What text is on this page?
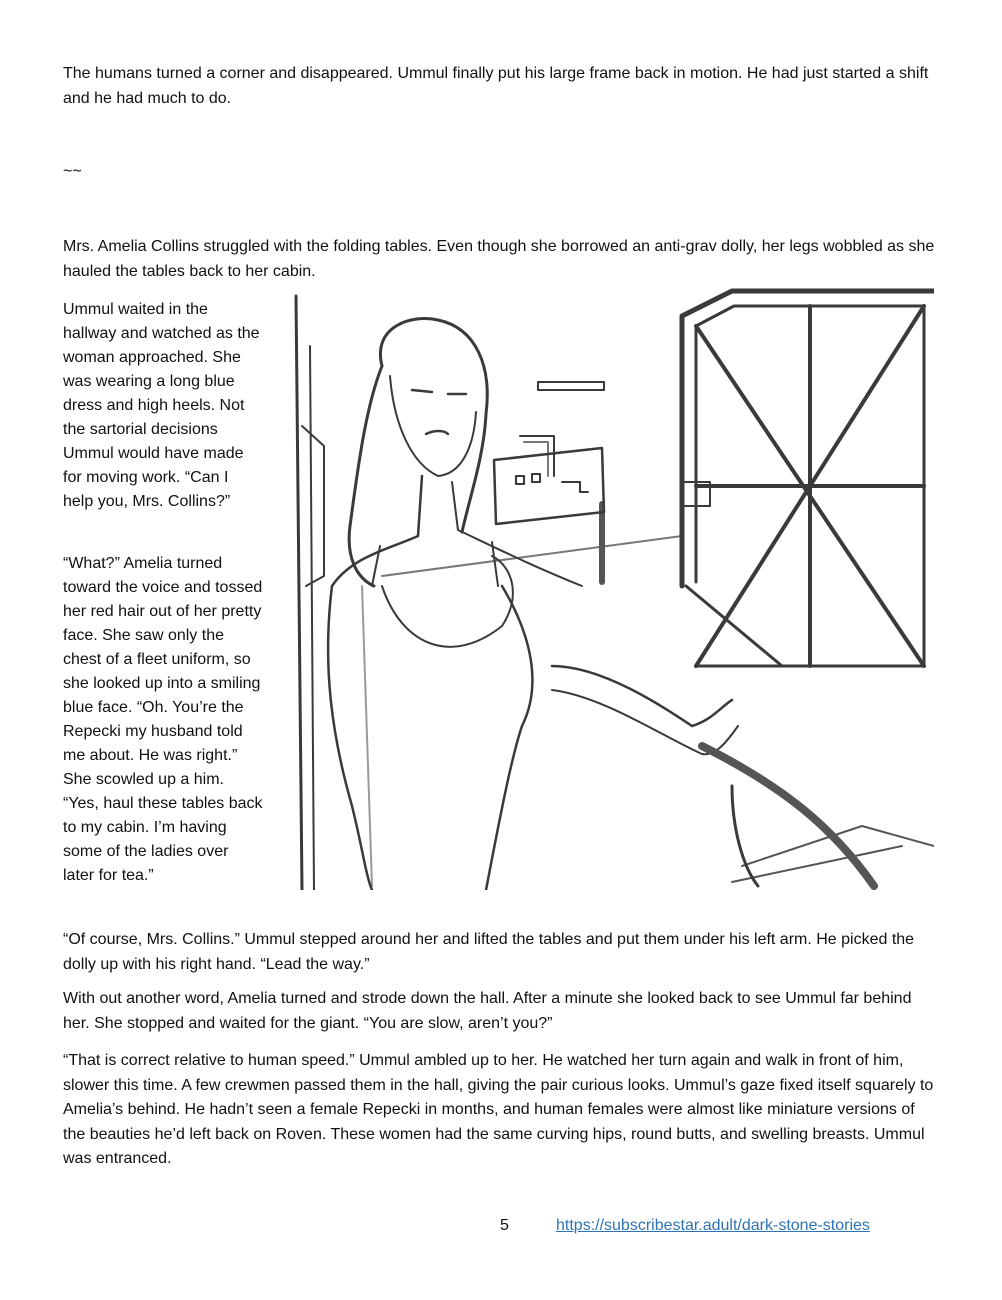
The humans turned a corner and disappeared. Ummul finally put his large frame back in motion. He had just started a shift and he had much to do.

~~

Mrs. Amelia Collins struggled with the folding tables. Even though she borrowed an anti-grav dolly, her legs wobbled as she hauled the tables back to her cabin.

Ummul waited in the hallway and watched as the woman approached. She was wearing a long blue dress and high heels. Not the sartorial decisions Ummul would have made for moving work. “Can I help you, Mrs. Collins?”

“What?” Amelia turned toward the voice and tossed her red hair out of her pretty face. She saw only the chest of a fleet uniform, so she looked up into a smiling blue face. “Oh. You’re the Repecki my husband told me about. He was right.” She scowled up a him. “Yes, haul these tables back to my cabin. I’m having some of the ladies over later for tea.”

“Of course, Mrs. Collins.” Ummul stepped around her and lifted the tables and put them under his left arm. He picked the dolly up with his right hand. “Lead the way.”

With out another word, Amelia turned and strode down the hall. After a minute she looked back to see Ummul far behind her. She stopped and waited for the giant. “You are slow, aren’t you?”

“That is correct relative to human speed.” Ummul ambled up to her. He watched her turn again and walk in front of him, slower this time. A few crewmen passed them in the hall, giving the pair curious looks. Ummul’s gaze fixed itself squarely to Amelia’s behind. He hadn’t seen a female Repecki in months, and human females were almost like miniature versions of the beauties he’d left back on Roven. These women had the same curving hips, round butts, and swelling breasts. Ummul was entranced.

5	https://subscribestar.adult/dark-stone-stories
